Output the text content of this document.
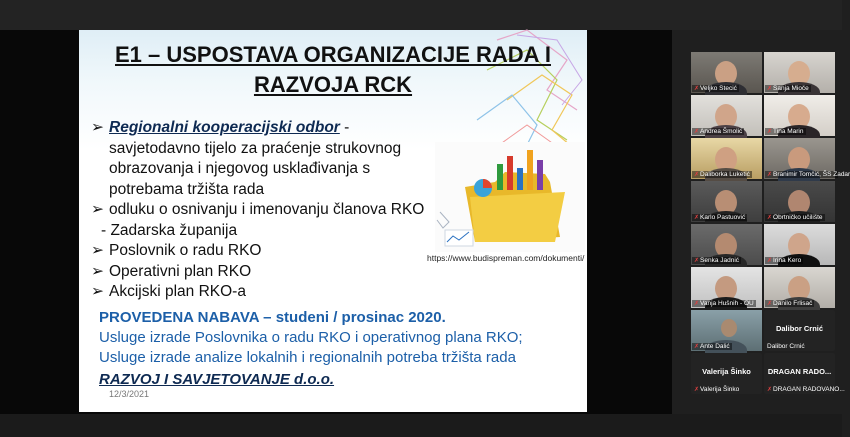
E1 – USPOSTAVA ORGANIZACIJE RADA I
RAZVOJA RCK
➢ Regionalni kooperacijski odbor -
savjetodavno tijelo za praćenje strukovnog
obrazovanja i njegovog usklađivanja s
potrebama tržišta rada
➢ odluku o osnivanju i imenovanju članova RKO
- Zadarska županija
➢ Poslovnik o radu RKO
➢ Operativni plan RKO
➢ Akcijski plan RKO-a
https://www.budispreman.com/dokumenti/
PROVEDENA NABAVA – studeni / prosinac 2020.
Usluge izrade Poslovnika o radu RKO i operativnog plana RKO;
Usluge izrade analize lokalnih i regionalnih potreba tržišta rada
RAZVOJ I SAVJETOVANJE d.o.o.
12/3/2021
✗Veljko Stecić	✗Sanja Mioče
✗Andrea Šmolić	✗Tina Marin
✗Daliborka Luketić	✗Branimir Tomčić, ŠS Zadar
✗Karlo Pastuović	✗Obrtničko učilište
✗Senka Jadnić	✗Irina Kero
✗Vanja Hušnih - OU	✗Danilo Frlisač
✗Ante Dalić
Dalibor Crnić
Dalibor Crnić
Valerija Šinko
✗Valerija Šinko
DRAGAN RADO...
✗DRAGAN RADOVANO...
